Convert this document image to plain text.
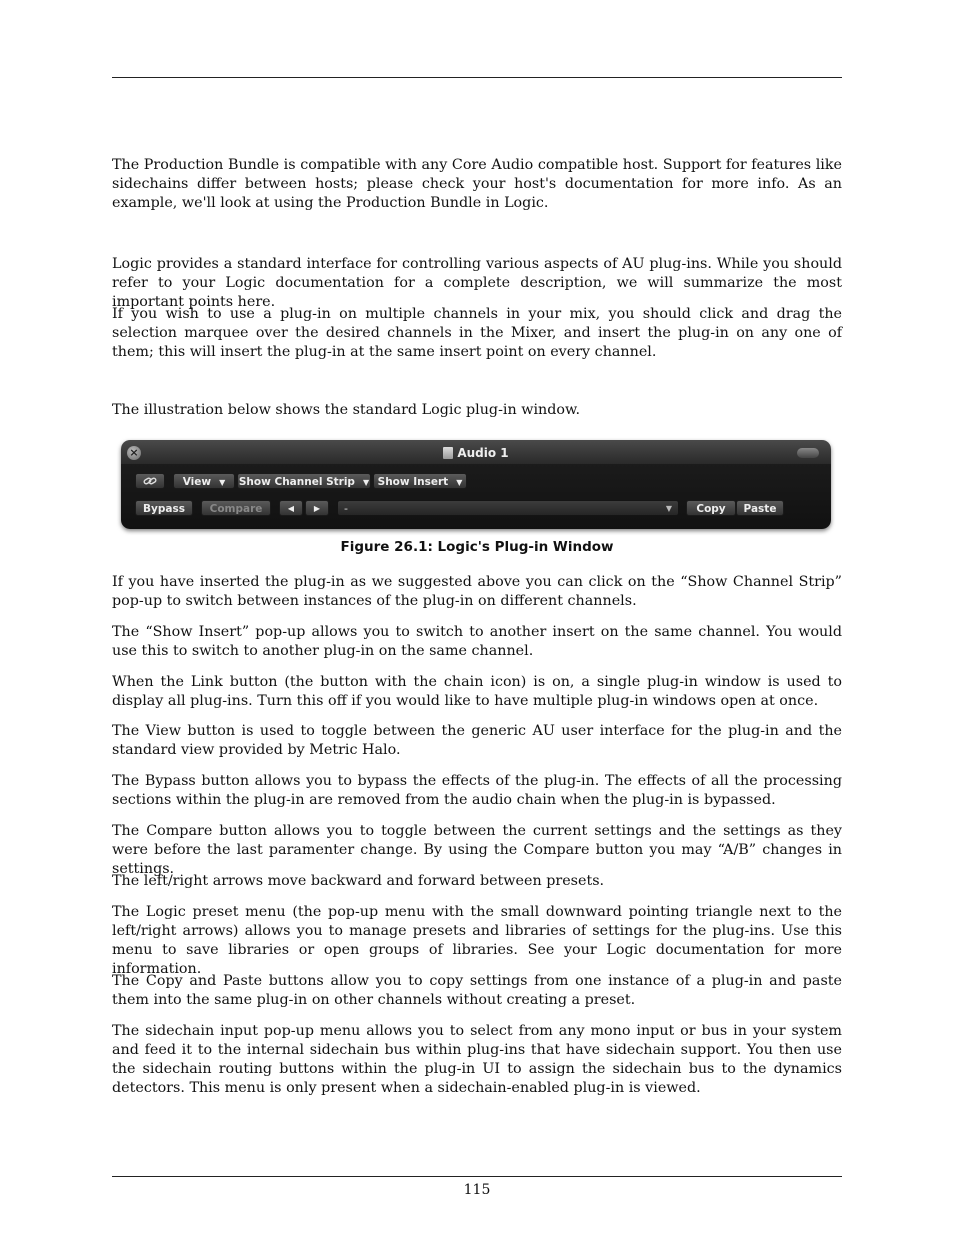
The Production Bundle is compatible with any Core Audio compatible host. Support for features like sidechains differ between hosts; please check your host's documentation for more info. As an example, we'll look at using the Production Bundle in Logic.

Logic provides a standard interface for controlling various aspects of AU plug-ins. While you should refer to your Logic documentation for a complete description, we will summarize the most important points here.

If you wish to use a plug-in on multiple channels in your mix, you should click and drag the selection marquee over the desired channels in the Mixer, and insert the plug-in on any one of them; this will insert the plug-in at the same insert point on every channel.

The illustration below shows the standard Logic plug-in window.

×	Audio 1
View ▼	Show Channel Strip ▼ Show Insert ▼
Bypass	Compare	◀	▶	-	▼	Copy	Paste
Figure 26.1: Logic's Plug-in Window

If you have inserted the plug-in as we suggested above you can click on the “Show Channel Strip” pop-up to switch between instances of the plug-in on different channels.

The “Show Insert” pop-up allows you to switch to another insert on the same channel. You would use this to switch to another plug-in on the same channel.

When the Link button (the button with the chain icon) is on, a single plug-in window is used to display all plug-ins. Turn this off if you would like to have multiple plug-in windows open at once.

The View button is used to toggle between the generic AU user interface for the plug-in and the standard view provided by Metric Halo.

The Bypass button allows you to bypass the effects of the plug-in. The effects of all the processing sections within the plug-in are removed from the audio chain when the plug-in is bypassed.

The Compare button allows you to toggle between the current settings and the settings as they were before the last paramenter change. By using the Compare button you may “A/B” changes in settings.

The left/right arrows move backward and forward between presets.

The Logic preset menu (the pop-up menu with the small downward pointing triangle next to the left/right arrows) allows you to manage presets and libraries of settings for the plug-ins. Use this menu to save libraries or open groups of libraries. See your Logic documentation for more information.

The Copy and Paste buttons allow you to copy settings from one instance of a plug-in and paste them into the same plug-in on other channels without creating a preset.

The sidechain input pop-up menu allows you to select from any mono input or bus in your system and feed it to the internal sidechain bus within plug-ins that have sidechain support. You then use the sidechain routing buttons within the plug-in UI to assign the sidechain bus to the dynamics detectors. This menu is only present when a sidechain-enabled plug-in is viewed.

115
